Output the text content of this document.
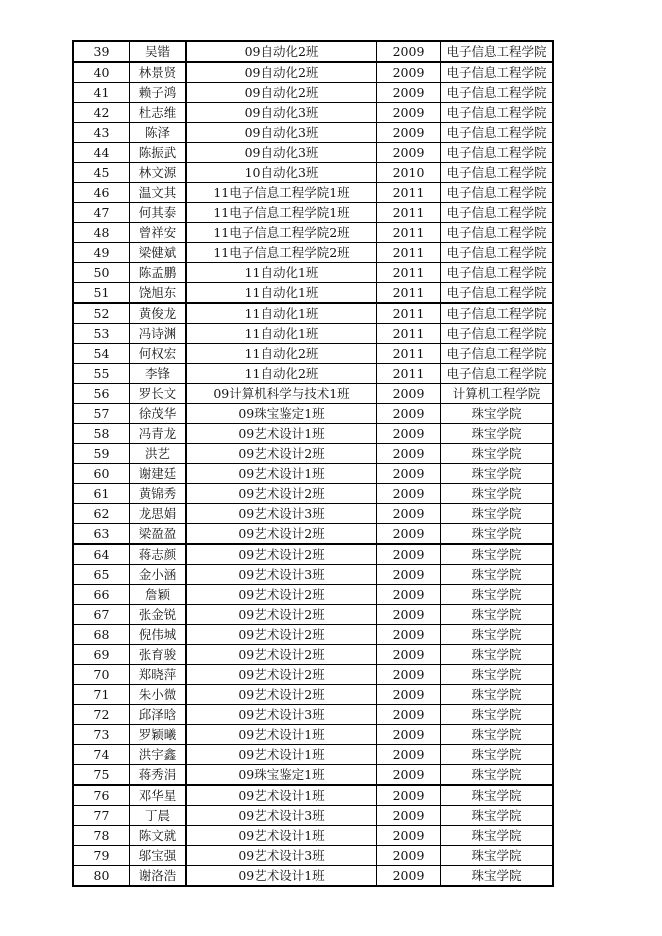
39	吴锴	09自动化2班	2009	电子信息工程学院
40	林景贤	09自动化2班	2009	电子信息工程学院
41	赖子鸿	09自动化2班	2009	电子信息工程学院
42	杜志维	09自动化3班	2009	电子信息工程学院
43	陈泽	09自动化3班	2009	电子信息工程学院
44	陈振武	09自动化3班	2009	电子信息工程学院
45	林文源	10自动化3班	2010	电子信息工程学院
46	温文其	11电子信息工程学院1班	2011	电子信息工程学院
47	何其泰	11电子信息工程学院1班	2011	电子信息工程学院
48	曾祥安	11电子信息工程学院2班	2011	电子信息工程学院
49	梁健斌	11电子信息工程学院2班	2011	电子信息工程学院
50	陈孟鹏	11自动化1班	2011	电子信息工程学院
51	饶旭东	11自动化1班	2011	电子信息工程学院
52	黄俊龙	11自动化1班	2011	电子信息工程学院
53	冯诗渊	11自动化1班	2011	电子信息工程学院
54	何权宏	11自动化2班	2011	电子信息工程学院
55	李锋	11自动化2班	2011	电子信息工程学院
56	罗长文	09计算机科学与技术1班	2009	计算机工程学院
57	徐茂华	09珠宝鉴定1班	2009	珠宝学院
58	冯青龙	09艺术设计1班	2009	珠宝学院
59	洪艺	09艺术设计2班	2009	珠宝学院
60	谢建廷	09艺术设计1班	2009	珠宝学院
61	黄锦秀	09艺术设计2班	2009	珠宝学院
62	龙思娟	09艺术设计3班	2009	珠宝学院
63	梁盈盈	09艺术设计2班	2009	珠宝学院
64	蒋志颜	09艺术设计2班	2009	珠宝学院
65	金小涵	09艺术设计3班	2009	珠宝学院
66	詹颖	09艺术设计2班	2009	珠宝学院
67	张金锐	09艺术设计2班	2009	珠宝学院
68	倪伟城	09艺术设计2班	2009	珠宝学院
69	张育骏	09艺术设计2班	2009	珠宝学院
70	郑晓萍	09艺术设计2班	2009	珠宝学院
71	朱小微	09艺术设计2班	2009	珠宝学院
72	邱泽晗	09艺术设计3班	2009	珠宝学院
73	罗颖曦	09艺术设计1班	2009	珠宝学院
74	洪宇鑫	09艺术设计1班	2009	珠宝学院
75	蒋秀涓	09珠宝鉴定1班	2009	珠宝学院
76	邓华星	09艺术设计1班	2009	珠宝学院
77	丁晨	09艺术设计3班	2009	珠宝学院
78	陈文就	09艺术设计1班	2009	珠宝学院
79	邬宝强	09艺术设计3班	2009	珠宝学院
80	谢洛浩	09艺术设计1班	2009	珠宝学院
